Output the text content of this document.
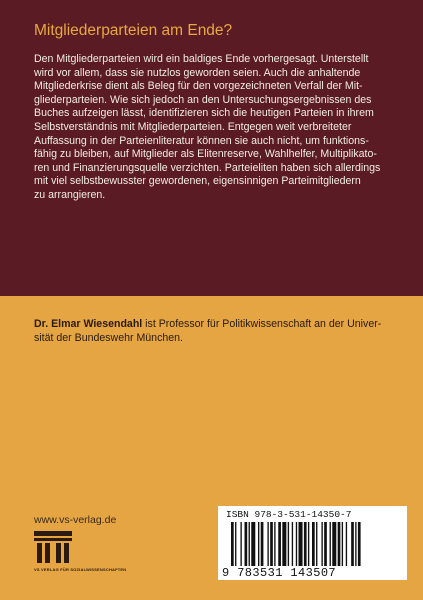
Mitgliederparteien am Ende?
Den Mitgliederparteien wird ein baldiges Ende vorhergesagt. Unterstellt
wird vor allem, dass sie nutzlos geworden seien. Auch die anhaltende
Mitgliederkrise dient als Beleg für den vorgezeichneten Verfall der Mit-
gliederparteien. Wie sich jedoch an den Untersuchungsergebnissen des
Buches aufzeigen lässt, identifizieren sich die heutigen Parteien in ihrem
Selbstverständnis mit Mitgliederparteien. Entgegen weit verbreiteter
Auffassung in der Parteienliteratur können sie auch nicht, um funktions-
fähig zu bleiben, auf Mitglieder als Elitenreserve, Wahlhelfer, Multiplikato-
ren und Finanzierungsquelle verzichten. Parteieliten haben sich allerdings
mit viel selbstbewusster gewordenen, eigensinnigen Parteimitgliedern
zu arrangieren.
Dr. Elmar Wiesendahl ist Professor für Politikwissenschaft an der Univer-
sität der Bundeswehr München.
www.vs-verlag.de
VS VERLAG FÜR SOZIALWISSENSCHAFTEN
ISBN 978-3-531-14350-7
9 783531 143507
